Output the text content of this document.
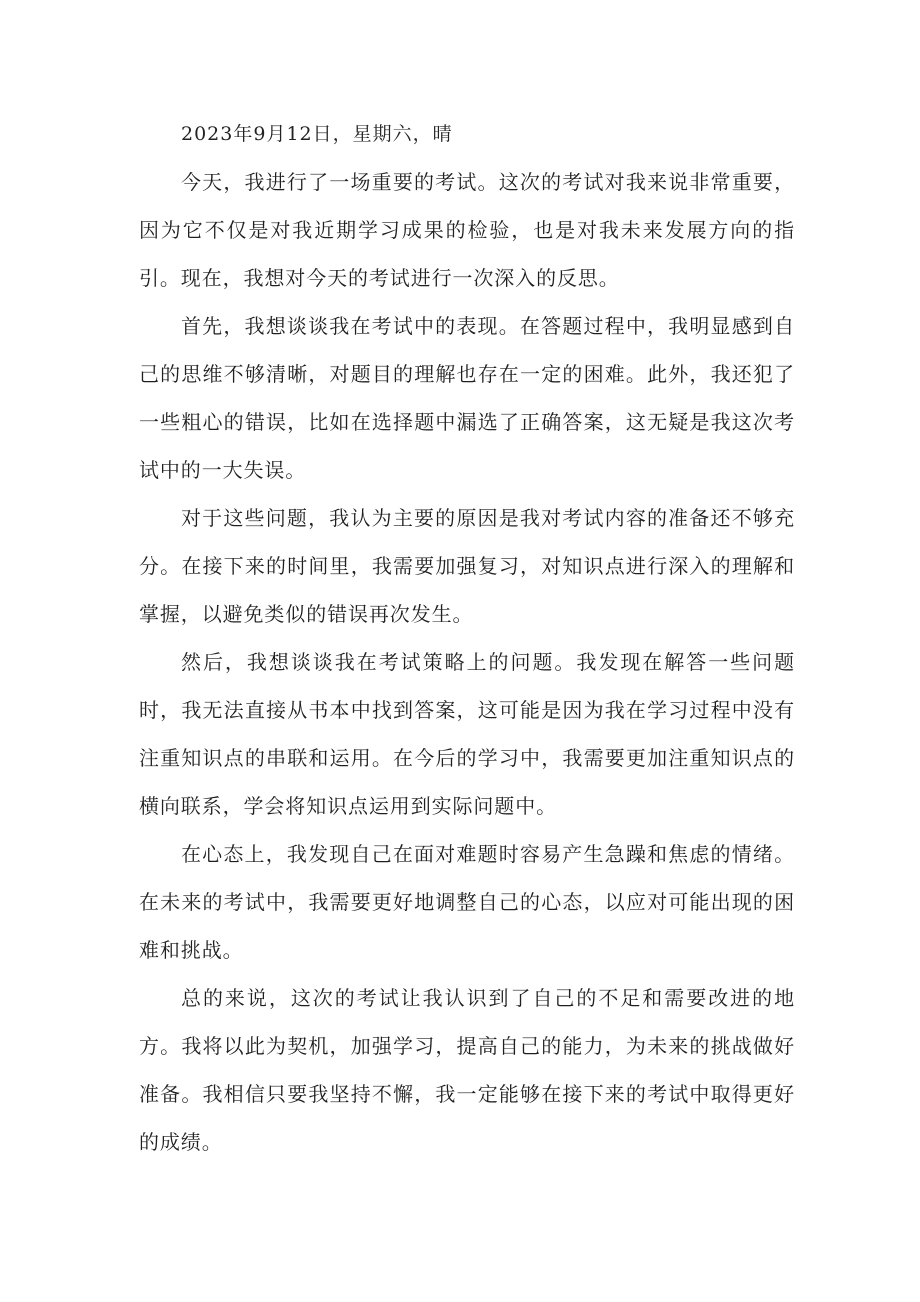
2023年9月12日，星期六，晴

今天，我进行了一场重要的考试。这次的考试对我来说非常重要，因为它不仅是对我近期学习成果的检验，也是对我未来发展方向的指引。现在，我想对今天的考试进行一次深入的反思。

首先，我想谈谈我在考试中的表现。在答题过程中，我明显感到自己的思维不够清晰，对题目的理解也存在一定的困难。此外，我还犯了一些粗心的错误，比如在选择题中漏选了正确答案，这无疑是我这次考试中的一大失误。

对于这些问题，我认为主要的原因是我对考试内容的准备还不够充分。在接下来的时间里，我需要加强复习，对知识点进行深入的理解和掌握，以避免类似的错误再次发生。

然后，我想谈谈我在考试策略上的问题。我发现在解答一些问题时，我无法直接从书本中找到答案，这可能是因为我在学习过程中没有注重知识点的串联和运用。在今后的学习中，我需要更加注重知识点的横向联系，学会将知识点运用到实际问题中。

在心态上，我发现自己在面对难题时容易产生急躁和焦虑的情绪。在未来的考试中，我需要更好地调整自己的心态，以应对可能出现的困难和挑战。

总的来说，这次的考试让我认识到了自己的不足和需要改进的地方。我将以此为契机，加强学习，提高自己的能力，为未来的挑战做好准备。我相信只要我坚持不懈，我一定能够在接下来的考试中取得更好的成绩。
